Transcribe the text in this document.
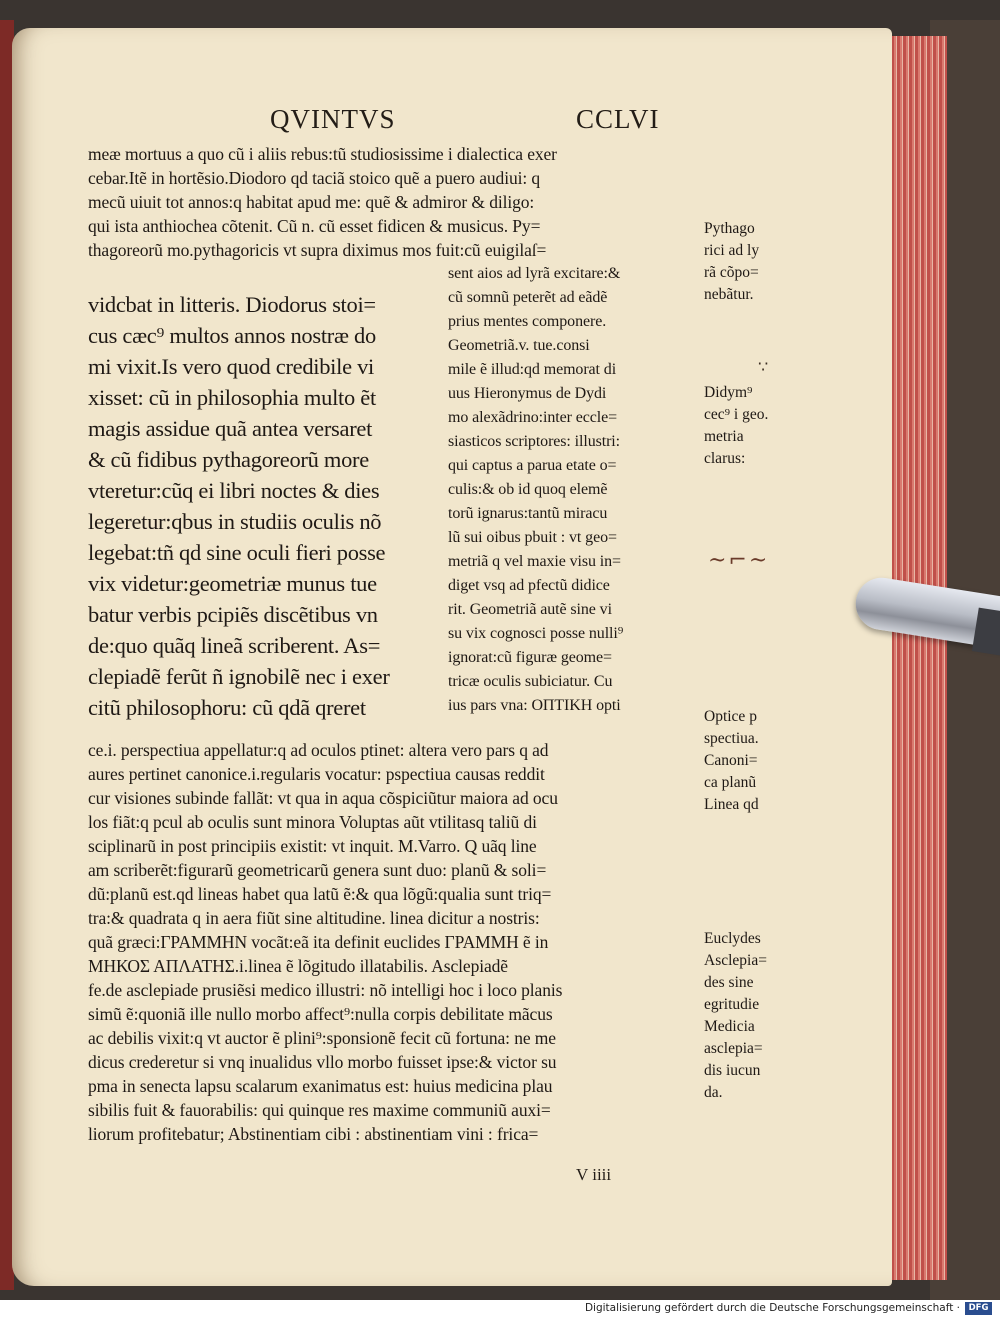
QVINTVS	CCLVI

meæ mortuus a quo cũ i aliis rebus:tũ studiosissime i dialectica exer

cebar.Itẽ in hortẽsio.Diodoro qd taciã stoico quẽ a puero audiui: q

mecũ uiuit tot annos:q habitat apud me: quẽ & admiror & diligo:

qui ista anthiochea cõtenit. Cũ n. cũ esset fidicen & musicus. Py=

thagoreorũ mo.pythagoricis vt supra diximus mos fuit:cũ euigilaſ=

vidcbat in litteris. Diodorus stoi=

cus cæc⁹ multos annos nostræ do

mi vixit.Is vero quod credibile vi

xisset: cũ in philosophia multo ẽt

magis assidue quã antea versaret

& cũ fidibus pythagoreorũ more

vteretur:cũq ei libri noctes & dies

legeretur:qbus in studiis oculis nõ

legebat:tñ qd sine oculi fieri posse

vix videtur:geometriæ munus tue

batur verbis pcipiẽs discẽtibus vn

de:quo quãq lineã scriberent. As=

clepiadẽ ferũt ñ ignobilẽ nec i exer

citũ philosophoru: cũ qdã qreret

sent aios ad lyrã excitare:&

cũ somnũ peterẽt ad eãdẽ

prius mentes componere.

Geometriã.v. tue.consi

mile ẽ illud:qd memorat di

uus Hieronymus de Dydi

mo alexãdrino:inter eccle=

siasticos scriptores: illustri:

qui captus a parua etate o=

culis:& ob id quoq elemẽ

torũ ignarus:tantũ miracu

lũ sui oibus pbuit : vt geo=

metriã q vel maxie visu in=

diget vsq ad pfectũ didice

rit. Geometriã autẽ sine vi

su vix cognosci posse nulli⁹

ignorat:cũ figuræ geome=

tricæ oculis subiciatur. Cu

ius pars vna: ΟΠΤΙΚΗ opti

ce.i. perspectiua appellatur:q ad oculos ptinet: altera vero pars q ad

aures pertinet canonice.i.regularis vocatur: pspectiua causas reddit

cur visiones subinde fallãt: vt qua in aqua cõspiciũtur maiora ad ocu

los fiãt:q pcul ab oculis sunt minora Voluptas aũt vtilitasq taliũ di

sciplinarũ in post principiis existit: vt inquit. M.Varro. Q uãq line

am scriberẽt:figurarũ geometricarũ genera sunt duo: planũ & soli=

dũ:planũ est.qd lineas habet qua latũ ẽ:& qua lõgũ:qualia sunt triq=

tra:& quadrata q in aera fiũt sine altitudine. linea dicitur a nostris:

quã græci:ΓΡΑΜΜΗΝ vocãt:eã ita definit euclides ΓΡΑΜΜΗ ẽ in

ΜΗΚΟΣ ΑΠΛΑΤΗΣ.i.linea ẽ lõgitudo illatabilis. Asclepiadẽ

fe.de asclepiade prusiẽsi medico illustri: nõ intelligi hoc i loco planis

simũ ẽ:quoniã ille nullo morbo affect⁹:nulla corpis debilitate mãcus

ac debilis vixit:q vt auctor ẽ plini⁹:sponsionẽ fecit cũ fortuna: ne me

dicus crederetur si vnq inualidus vllo morbo fuisset ipse:& victor su

pma in senecta lapsu scalarum exanimatus est: huius medicina plau

sibilis fuit & fauorabilis: qui quinque res maxime communiũ auxi=

liorum profitebatur; Abstinentiam cibi : abstinentiam vini : frica=

Pythago
rici ad ly
rã cõpo=
nebãtur.

∵

Didym⁹
cec⁹ i geo.
metria
clarus:

~⌐~

Optice p
spectiua.
Canoni=
ca planũ
Linea qd
Euclydes
Asclepia=
des sine
egritudie
Medicia
asclepia=
dis iucun
da.

V iiii

Digitalisierung gefördert durch die Deutsche Forschungsgemeinschaft ·	DFG
